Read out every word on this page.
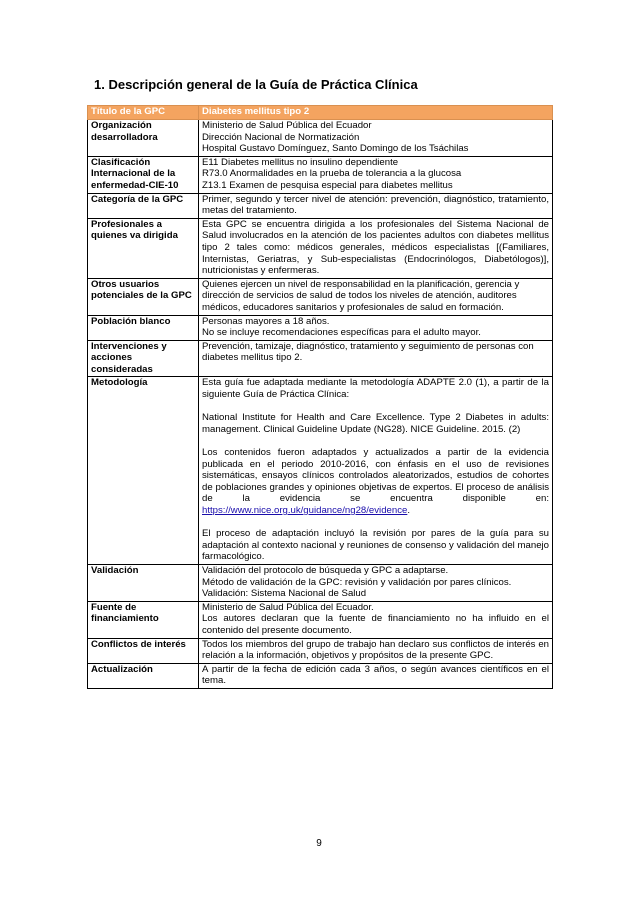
1. Descripción general de la Guía de Práctica Clínica
Título de la GPC	Diabetes mellitus tipo 2
Organización desarrolladora	Ministerio de Salud Pública del Ecuador
Dirección Nacional de Normatización
Hospital Gustavo Domínguez, Santo Domingo de los Tsáchilas

Clasificación Internacional de la enfermedad-CIE-10	E11 Diabetes mellitus no insulino dependiente
R73.0 Anormalidades en la prueba de tolerancia a la glucosa
Z13.1 Examen de pesquisa especial para diabetes mellitus

Categoría de la GPC	Primer, segundo y tercer nivel de atención: prevención, diagnóstico, tratamiento, metas del tratamiento.
Profesionales a quienes va dirigida	Esta GPC se encuentra dirigida a los profesionales del Sistema Nacional de Salud involucrados en la atención de los pacientes adultos con diabetes mellitus tipo 2 tales como: médicos generales, médicos especialistas [(Familiares, Internistas, Geriatras, y Sub-especialistas (Endocrinólogos, Diabetólogos)], nutricionistas y enfermeras.
Otros usuarios potenciales de la GPC	Quienes ejercen un nivel de responsabilidad en la planificación, gerencia y dirección de servicios de salud de todos los niveles de atención, auditores médicos, educadores sanitarios y profesionales de salud en formación.
Población blanco	Personas mayores a 18 años.
No se incluye recomendaciones específicas para el adulto mayor.

Intervenciones y acciones consideradas	Prevención, tamizaje, diagnóstico, tratamiento y seguimiento de personas con diabetes mellitus tipo 2.
Metodología	Esta guía fue adaptada mediante la metodología ADAPTE 2.0 (1), a partir de la siguiente Guía de Práctica Clínica:
National Institute for Health and Care Excellence. Type 2 Diabetes in adults: management. Clinical Guideline Update (NG28). NICE Guideline. 2015. (2)
Los contenidos fueron adaptados y actualizados a partir de la evidencia publicada en el periodo 2010-2016, con énfasis en el uso de revisiones sistemáticas, ensayos clínicos controlados aleatorizados, estudios de cohortes de poblaciones grandes y opiniones objetivas de expertos. El proceso de análisis de la evidencia se encuentra disponible en: https://www.nice.org.uk/guidance/ng28/evidence.
El proceso de adaptación incluyó la revisión por pares de la guía para su adaptación al contexto nacional y reuniones de consenso y validación del manejo farmacológico.

Validación	Validación del protocolo de búsqueda y GPC a adaptarse.
Método de validación de la GPC: revisión y validación por pares clínicos.
Validación: Sistema Nacional de Salud

Fuente de financiamiento	Ministerio de Salud Pública del Ecuador.
Los autores declaran que la fuente de financiamiento no ha influido en el contenido del presente documento.

Conflictos de interés	Todos los miembros del grupo de trabajo han declaro sus conflictos de interés en relación a la información, objetivos y propósitos de la presente GPC.
Actualización	A partir de la fecha de edición cada 3 años, o según avances científicos en el tema.
9
